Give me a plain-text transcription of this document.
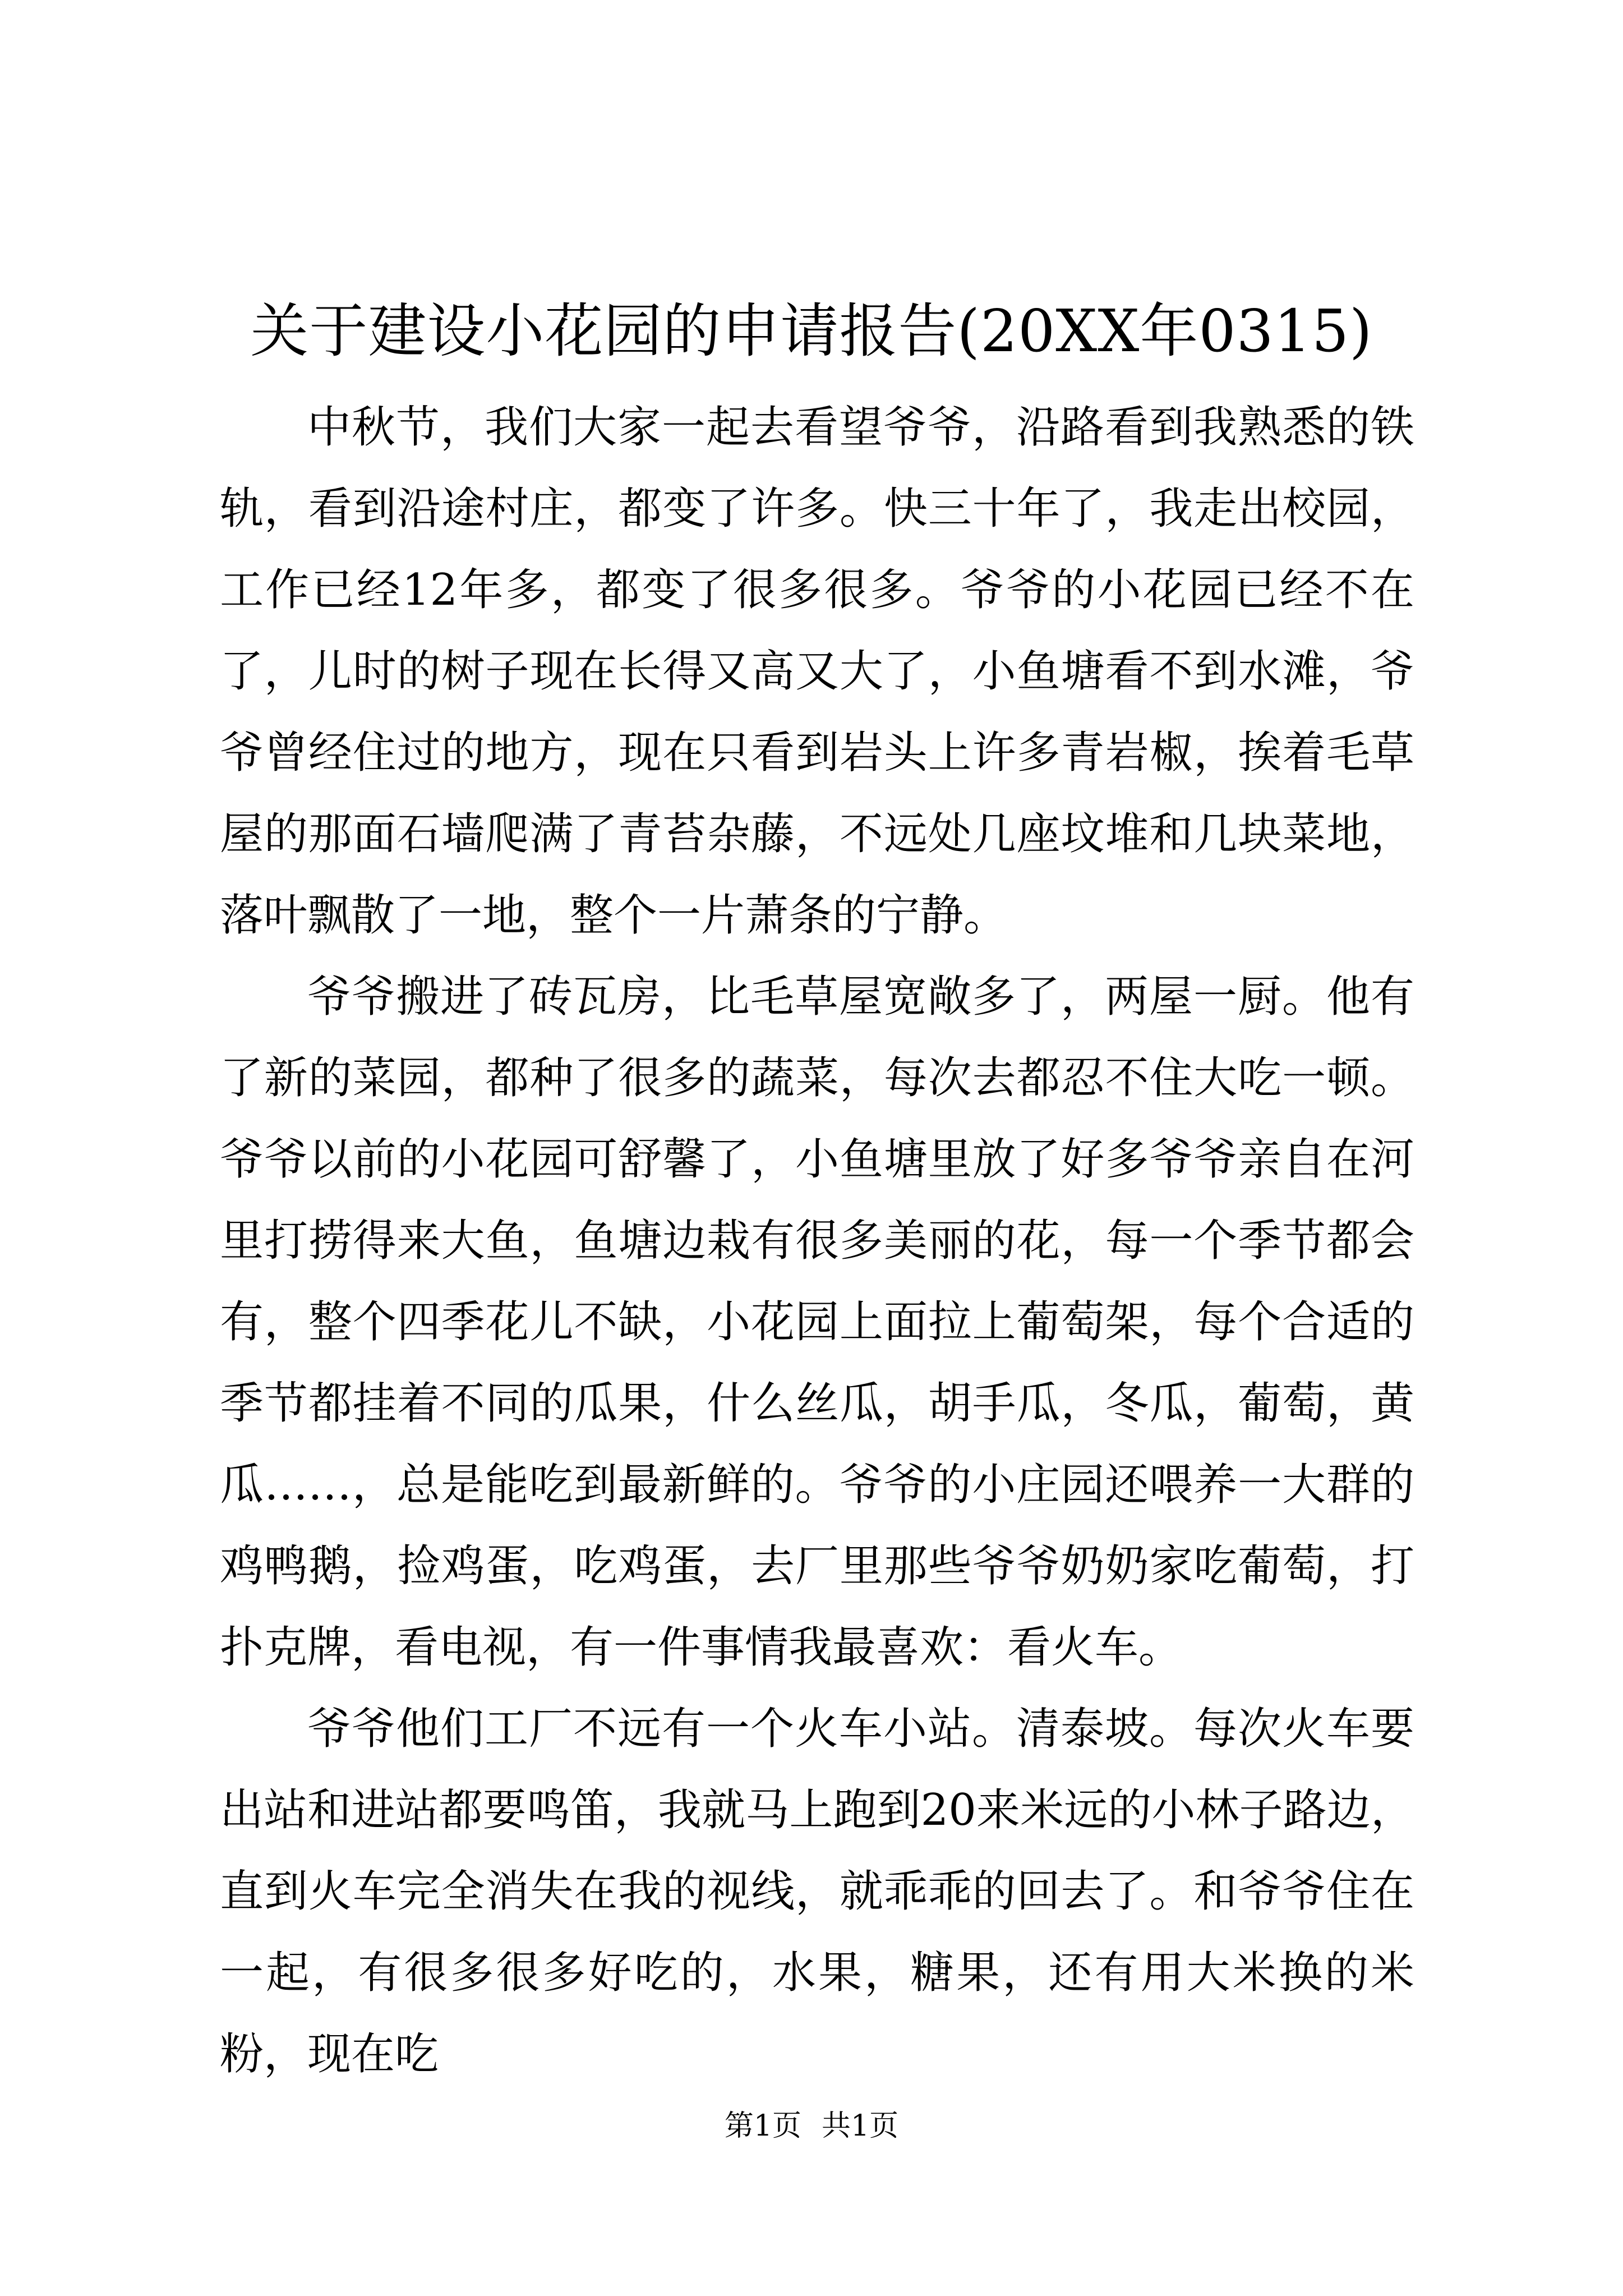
关于建设小花园的申请报告(20XX年0315)

中秋节，我们大家一起去看望爷爷，沿路看到我熟悉的铁轨，看到沿途村庄，都变了许多。快三十年了，我走出校园，工作已经12年多，都变了很多很多。爷爷的小花园已经不在了，儿时的树子现在长得又高又大了，小鱼塘看不到水滩，爷爷曾经住过的地方，现在只看到岩头上许多青岩椒，挨着毛草屋的那面石墙爬满了青苔杂藤，不远处几座坟堆和几块菜地，落叶飘散了一地，整个一片萧条的宁静。

爷爷搬进了砖瓦房，比毛草屋宽敞多了，两屋一厨。他有了新的菜园，都种了很多的蔬菜，每次去都忍不住大吃一顿。爷爷以前的小花园可舒馨了，小鱼塘里放了好多爷爷亲自在河里打捞得来大鱼，鱼塘边栽有很多美丽的花，每一个季节都会有，整个四季花儿不缺，小花园上面拉上葡萄架，每个合适的季节都挂着不同的瓜果，什么丝瓜，胡手瓜，冬瓜，葡萄，黄瓜……，总是能吃到最新鲜的。爷爷的小庄园还喂养一大群的鸡鸭鹅，捡鸡蛋，吃鸡蛋，去厂里那些爷爷奶奶家吃葡萄，打扑克牌，看电视，有一件事情我最喜欢：看火车。

爷爷他们工厂不远有一个火车小站。清泰坡。每次火车要出站和进站都要鸣笛，我就马上跑到20来米远的小林子路边，直到火车完全消失在我的视线，就乖乖的回去了。和爷爷住在一起，有很多很多好吃的，水果，糖果，还有用大米换的米粉，现在吃

第1页 共1页
